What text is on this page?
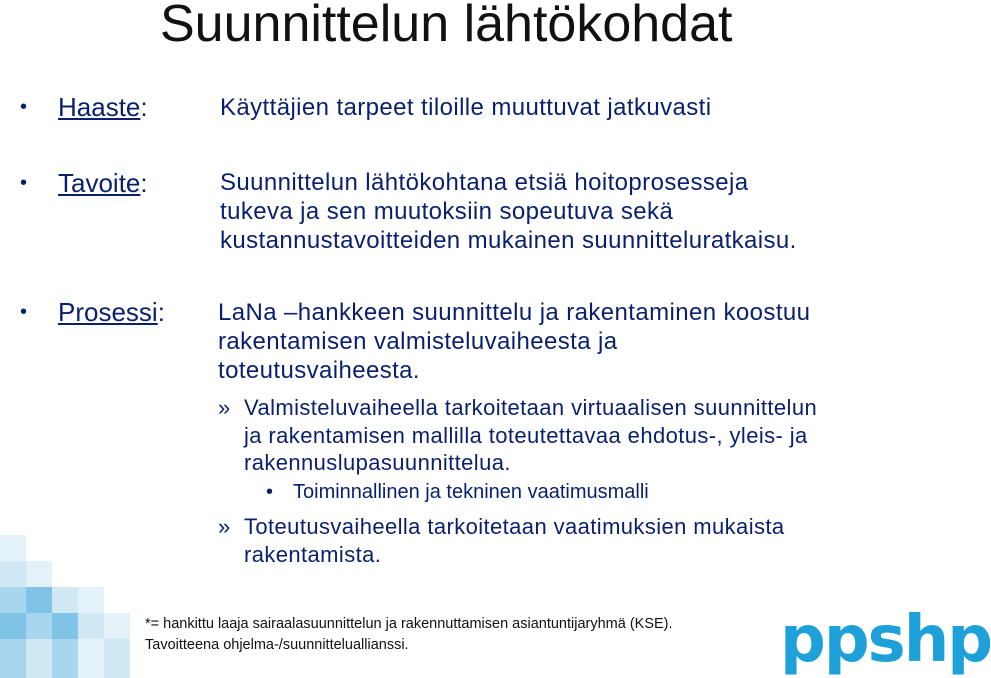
Suunnittelun lähtökohdat
• Haaste:	Käyttäjien tarpeet tiloille muuttuvat jatkuvasti

• Tavoite:	Suunnittelun lähtökohtana etsiä hoitoprosesseja
tukeva ja sen muutoksiin sopeutuva sekä
kustannustavoitteiden mukainen suunnitteluratkaisu.
• Prosessi: LaNa –hankkeen suunnittelu ja rakentaminen koostuu
rakentamisen valmisteluvaiheesta ja
toteutusvaiheesta.
» Valmisteluvaiheella tarkoitetaan virtuaalisen suunnittelun
ja rakentamisen mallilla toteutettavaa ehdotus-, yleis- ja
rakennuslupasuunnittelua.
• Toiminnallinen ja tekninen vaatimusmalli
» Toteutusvaiheella tarkoitetaan vaatimuksien mukaista
rakentamista.
*= hankittu laaja sairaalasuunnittelun ja rakennuttamisen asiantuntijaryhmä (KSE).
Tavoitteena ohjelma-/suunnitteluallianssi.	ppshp
